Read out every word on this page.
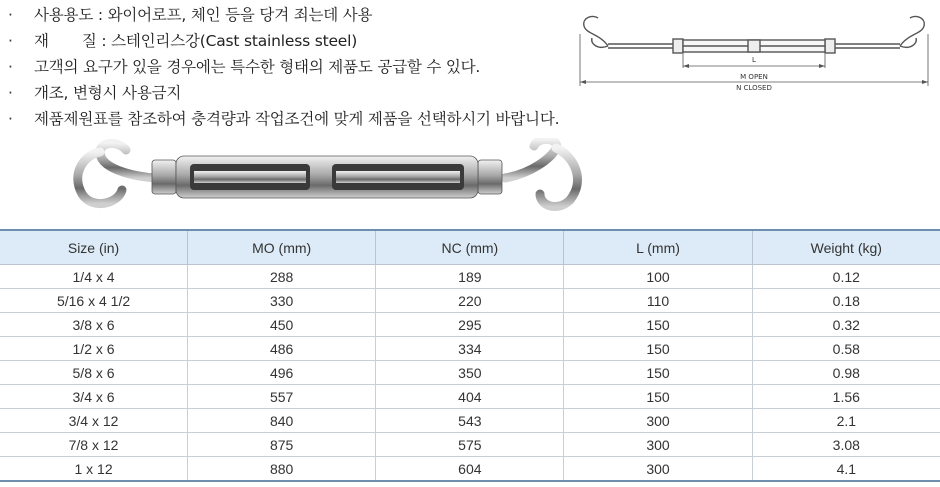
· 사용용도 : 와이어로프, 체인 등을 당겨 죄는데 사용
· 재       질 : 스테인리스강(Cast stainless steel)
· 고객의 요구가 있을 경우에는 특수한 형태의 제품도 공급할 수 있다.
· 개조, 변형시 사용금지
· 제품제원표를 참조하여 충격량과 작업조건에 맞게 제품을 선택하시기 바랍니다.
L
M OPEN
N CLOSED
Size (in)	MO (mm)	NC (mm)	L (mm)	Weight (kg)
1/4 x 4	288	189	100	0.12
5/16 x 4 1/2	330	220	110	0.18
3/8 x 6	450	295	150	0.32
1/2 x 6	486	334	150	0.58
5/8 x 6	496	350	150	0.98
3/4 x 6	557	404	150	1.56
3/4 x 12	840	543	300	2.1
7/8 x 12	875	575	300	3.08
1 x 12	880	604	300	4.1
